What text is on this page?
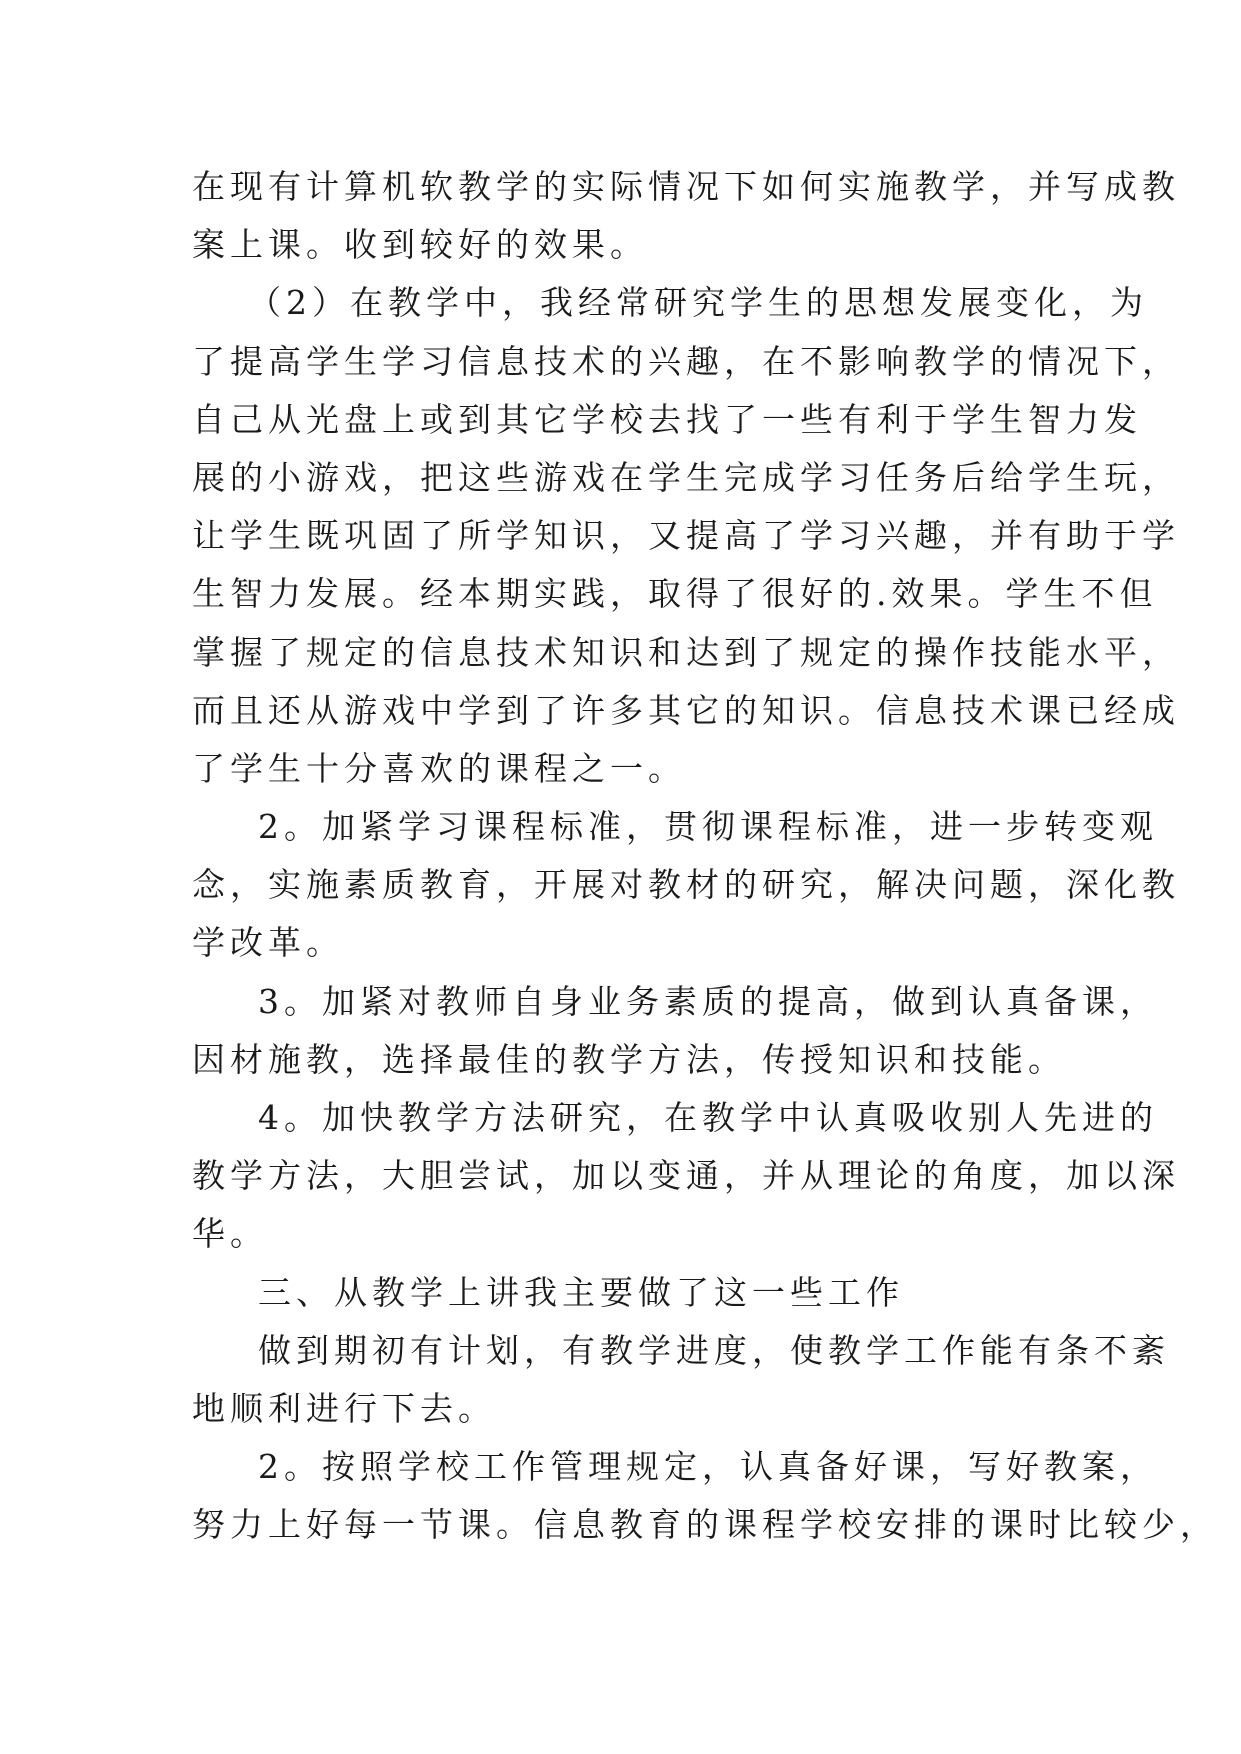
在现有计算机软教学的实际情况下如何实施教学，并写成教
案上课。收到较好的效果。
（2）在教学中，我经常研究学生的思想发展变化，为
了提高学生学习信息技术的兴趣，在不影响教学的情况下，
自己从光盘上或到其它学校去找了一些有利于学生智力发
展的小游戏，把这些游戏在学生完成学习任务后给学生玩，
让学生既巩固了所学知识，又提高了学习兴趣，并有助于学
生智力发展。经本期实践，取得了很好的.效果。学生不但
掌握了规定的信息技术知识和达到了规定的操作技能水平，
而且还从游戏中学到了许多其它的知识。信息技术课已经成
了学生十分喜欢的课程之一。
2。加紧学习课程标准，贯彻课程标准，进一步转变观
念，实施素质教育，开展对教材的研究，解决问题，深化教
学改革。
3。加紧对教师自身业务素质的提高，做到认真备课，
因材施教，选择最佳的教学方法，传授知识和技能。
4。加快教学方法研究，在教学中认真吸收别人先进的
教学方法，大胆尝试，加以变通，并从理论的角度，加以深
华。
三、从教学上讲我主要做了这一些工作
做到期初有计划，有教学进度，使教学工作能有条不紊
地顺利进行下去。
2。按照学校工作管理规定，认真备好课，写好教案，
努力上好每一节课。信息教育的课程学校安排的课时比较少，
